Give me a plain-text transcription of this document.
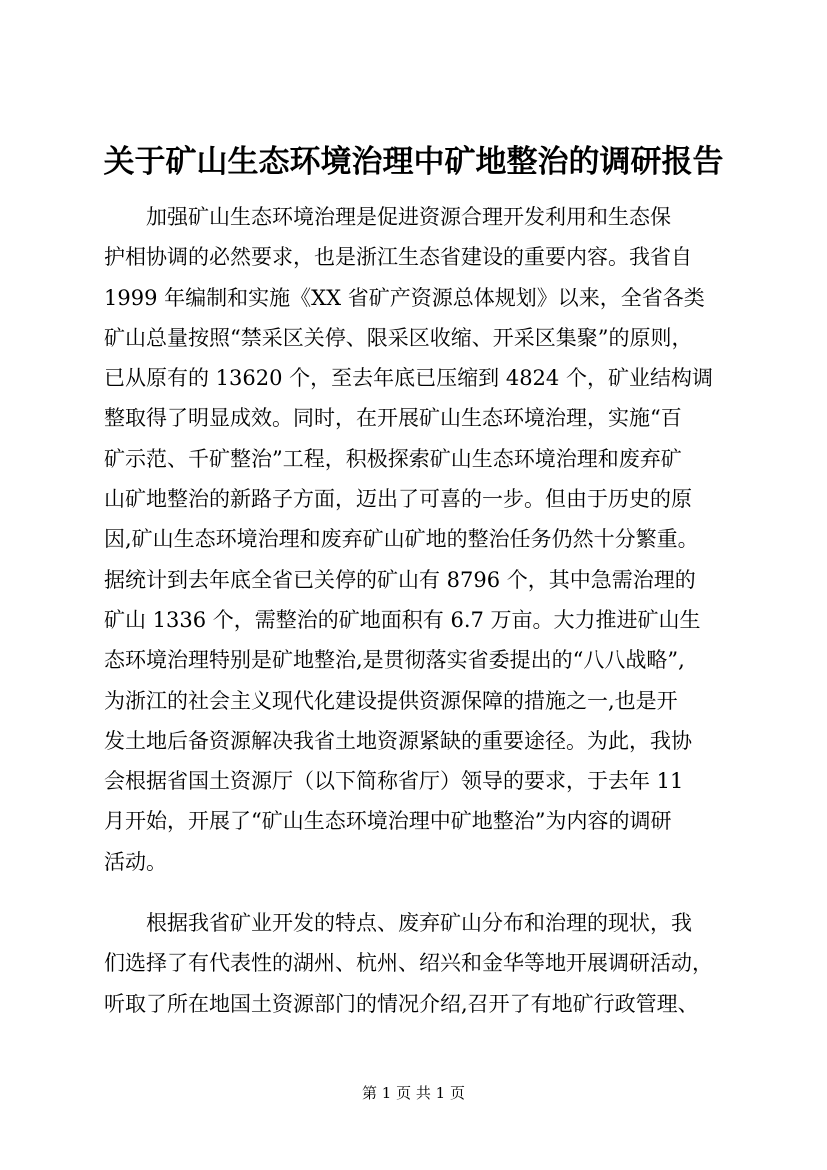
关于矿山生态环境治理中矿地整治的调研报告
加强矿山生态环境治理是促进资源合理开发利用和生态保
护相协调的必然要求，也是浙江生态省建设的重要内容。我省自
1999 年编制和实施《XX 省矿产资源总体规划》以来，全省各类
矿山总量按照“禁采区关停、限采区收缩、开采区集聚”的原则，
已从原有的 13620 个，至去年底已压缩到 4824 个，矿业结构调
整取得了明显成效。同时，在开展矿山生态环境治理，实施“百
矿示范、千矿整治”工程，积极探索矿山生态环境治理和废弃矿
山矿地整治的新路子方面，迈出了可喜的一步。但由于历史的原
因,矿山生态环境治理和废弃矿山矿地的整治任务仍然十分繁重。
据统计到去年底全省已关停的矿山有 8796 个，其中急需治理的
矿山 1336 个，需整治的矿地面积有 6.7 万亩。大力推进矿山生
态环境治理特别是矿地整治,是贯彻落实省委提出的“八八战略”,
为浙江的社会主义现代化建设提供资源保障的措施之一,也是开
发土地后备资源解决我省土地资源紧缺的重要途径。为此，我协
会根据省国土资源厅（以下简称省厅）领导的要求，于去年 11
月开始，开展了“矿山生态环境治理中矿地整治”为内容的调研
活动。
根据我省矿业开发的特点、废弃矿山分布和治理的现状，我
们选择了有代表性的湖州、杭州、绍兴和金华等地开展调研活动，
听取了所在地国土资源部门的情况介绍,召开了有地矿行政管理、
第 1 页 共 1 页
